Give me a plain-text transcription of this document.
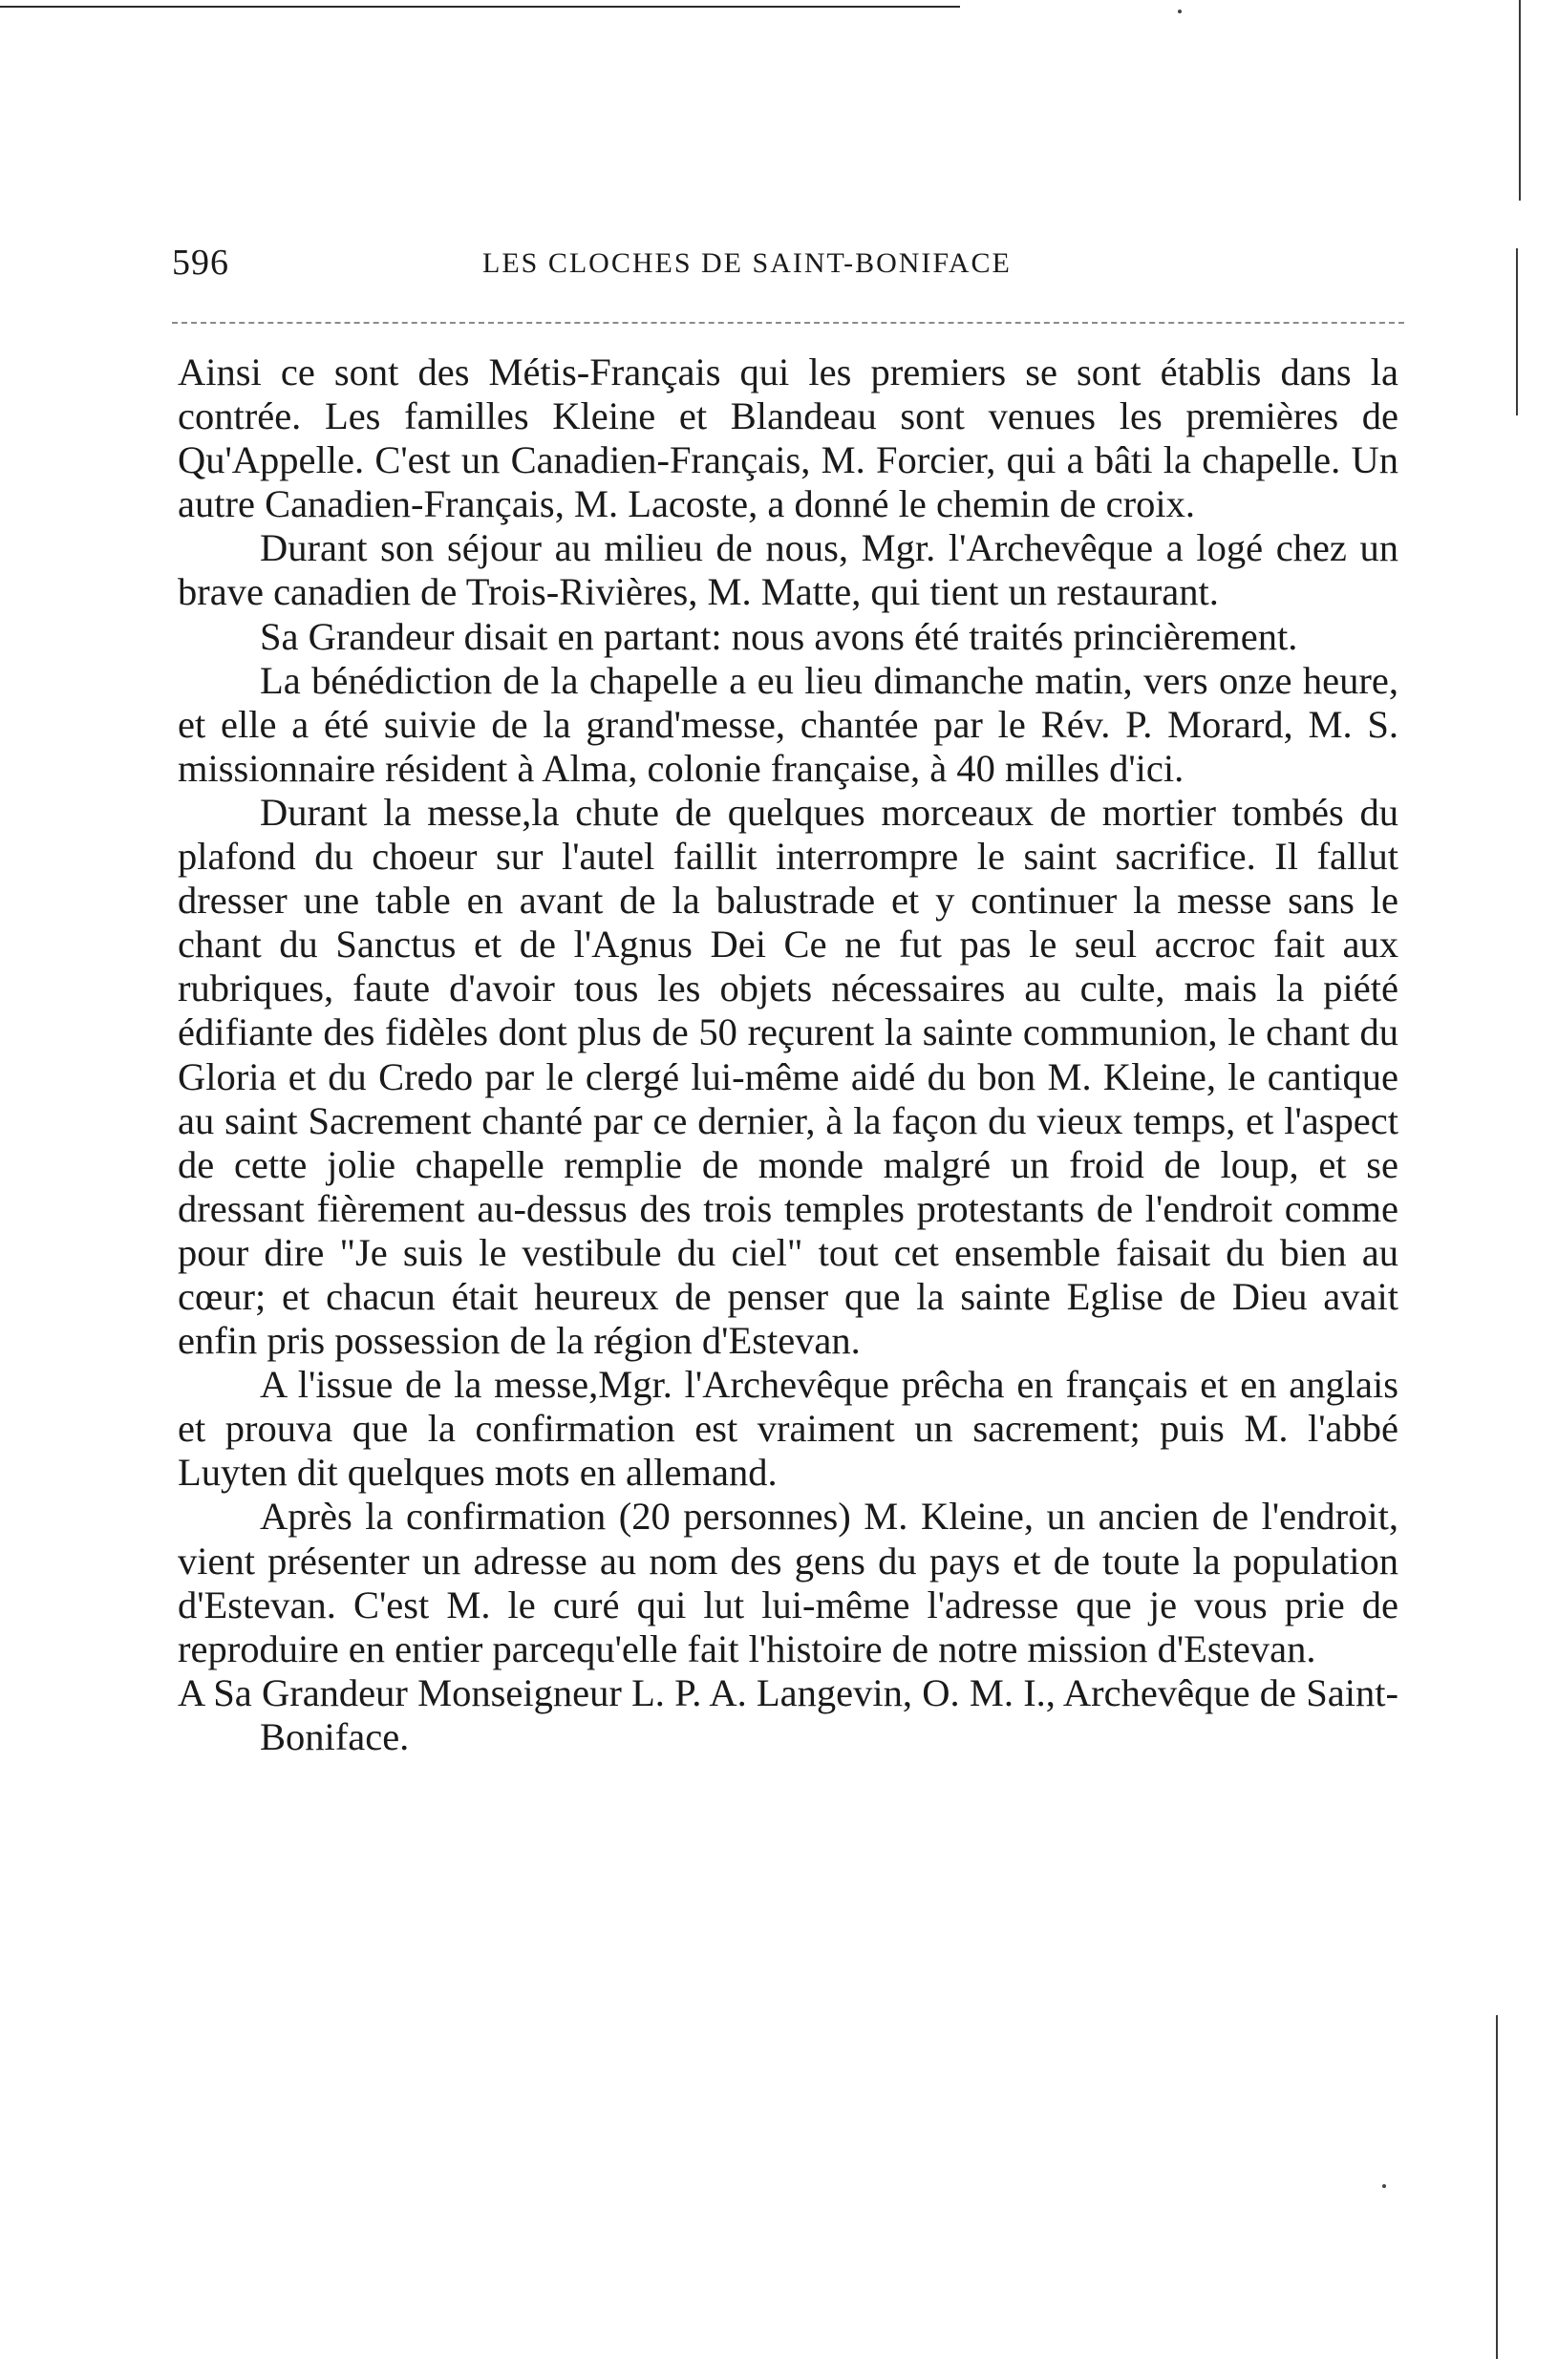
596	LES CLOCHES DE SAINT-BONIFACE

Ainsi ce sont des Métis-Français qui les premiers se sont établis dans la contrée. Les familles Kleine et Blandeau sont venues les premières de Qu'Appelle. C'est un Canadien-Français, M. Forcier, qui a bâti la chapelle. Un autre Canadien-Français, M. Lacoste, a donné le chemin de croix.

Durant son séjour au milieu de nous, Mgr. l'Archevêque a logé chez un brave canadien de Trois-Rivières, M. Matte, qui tient un restaurant.

Sa Grandeur disait en partant: nous avons été traités princièrement.

La bénédiction de la chapelle a eu lieu dimanche matin, vers onze heure, et elle a été suivie de la grand'messe, chantée par le Rév. P. Morard, M. S. missionnaire résident à Alma, colonie française, à 40 milles d'ici.

Durant la messe,la chute de quelques morceaux de mortier tombés du plafond du choeur sur l'autel faillit interrompre le saint sacrifice. Il fallut dresser une table en avant de la balustrade et y continuer la messe sans le chant du Sanctus et de l'Agnus Dei Ce ne fut pas le seul accroc fait aux rubriques, faute d'avoir tous les objets nécessaires au culte, mais la piété édifiante des fidèles dont plus de 50 reçurent la sainte communion, le chant du Gloria et du Credo par le clergé lui-même aidé du bon M. Kleine, le cantique au saint Sacrement chanté par ce dernier, à la façon du vieux temps, et l'aspect de cette jolie chapelle remplie de monde malgré un froid de loup, et se dressant fièrement au-dessus des trois temples protestants de l'endroit comme pour dire "Je suis le vestibule du ciel" tout cet ensemble faisait du bien au cœur; et chacun était heureux de penser que la sainte Eglise de Dieu avait enfin pris possession de la région d'Estevan.

A l'issue de la messe,Mgr. l'Archevêque prêcha en français et en anglais et prouva que la confirmation est vraiment un sacrement; puis M. l'abbé Luyten dit quelques mots en allemand.

Après la confirmation (20 personnes) M. Kleine, un ancien de l'endroit, vient présenter un adresse au nom des gens du pays et de toute la population d'Estevan. C'est M. le curé qui lut lui-même l'adresse que je vous prie de reproduire en entier parcequ'elle fait l'histoire de notre mission d'Estevan.

A Sa Grandeur Monseigneur L. P. A. Langevin, O. M. I., Archevêque de Saint-Boniface.
